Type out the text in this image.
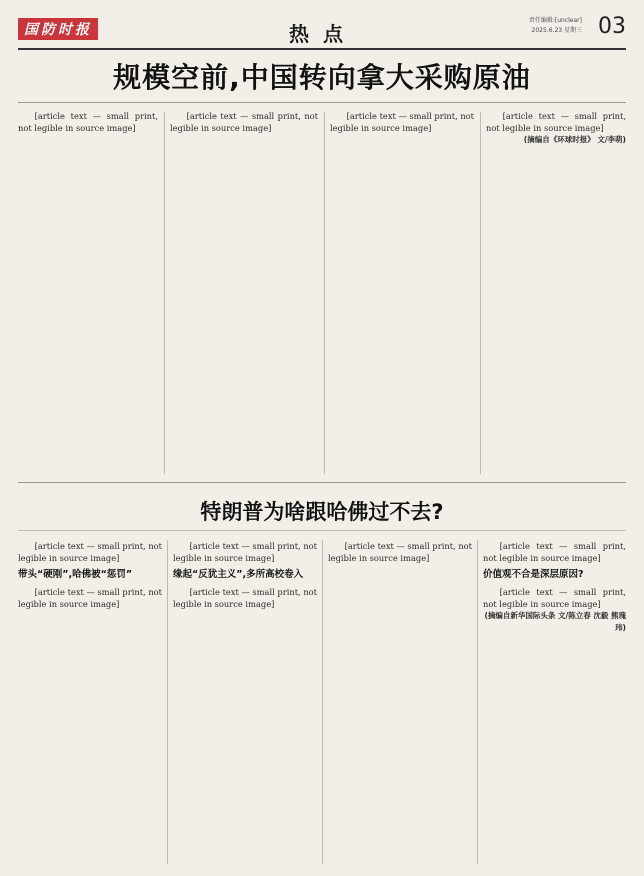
国防时报	热点
责任编辑:[unclear]
2025.6.23 星期三 03
规模空前,中国转向拿大采购原油

[article text — small print, not legible in source image]

[article text — small print, not legible in source image]

[article text — small print, not legible in source image]

[article text — small print, not legible in source image]

(摘编自《环球时报》 文/李萌)

特朗普为啥跟哈佛过不去?

[article text — small print, not legible in source image]

带头“硬刚”,哈佛被“惩罚”

[article text — small print, not legible in source image]

[article text — small print, not legible in source image]

缘起“反犹主义”,多所高校卷入

[article text — small print, not legible in source image]

[article text — small print, not legible in source image]

[article text — small print, not legible in source image]

价值观不合是深层原因?

[article text — small print, not legible in source image]

(摘编自新华国际头条 文/陈立春 沈毅 熊瑰玮)
